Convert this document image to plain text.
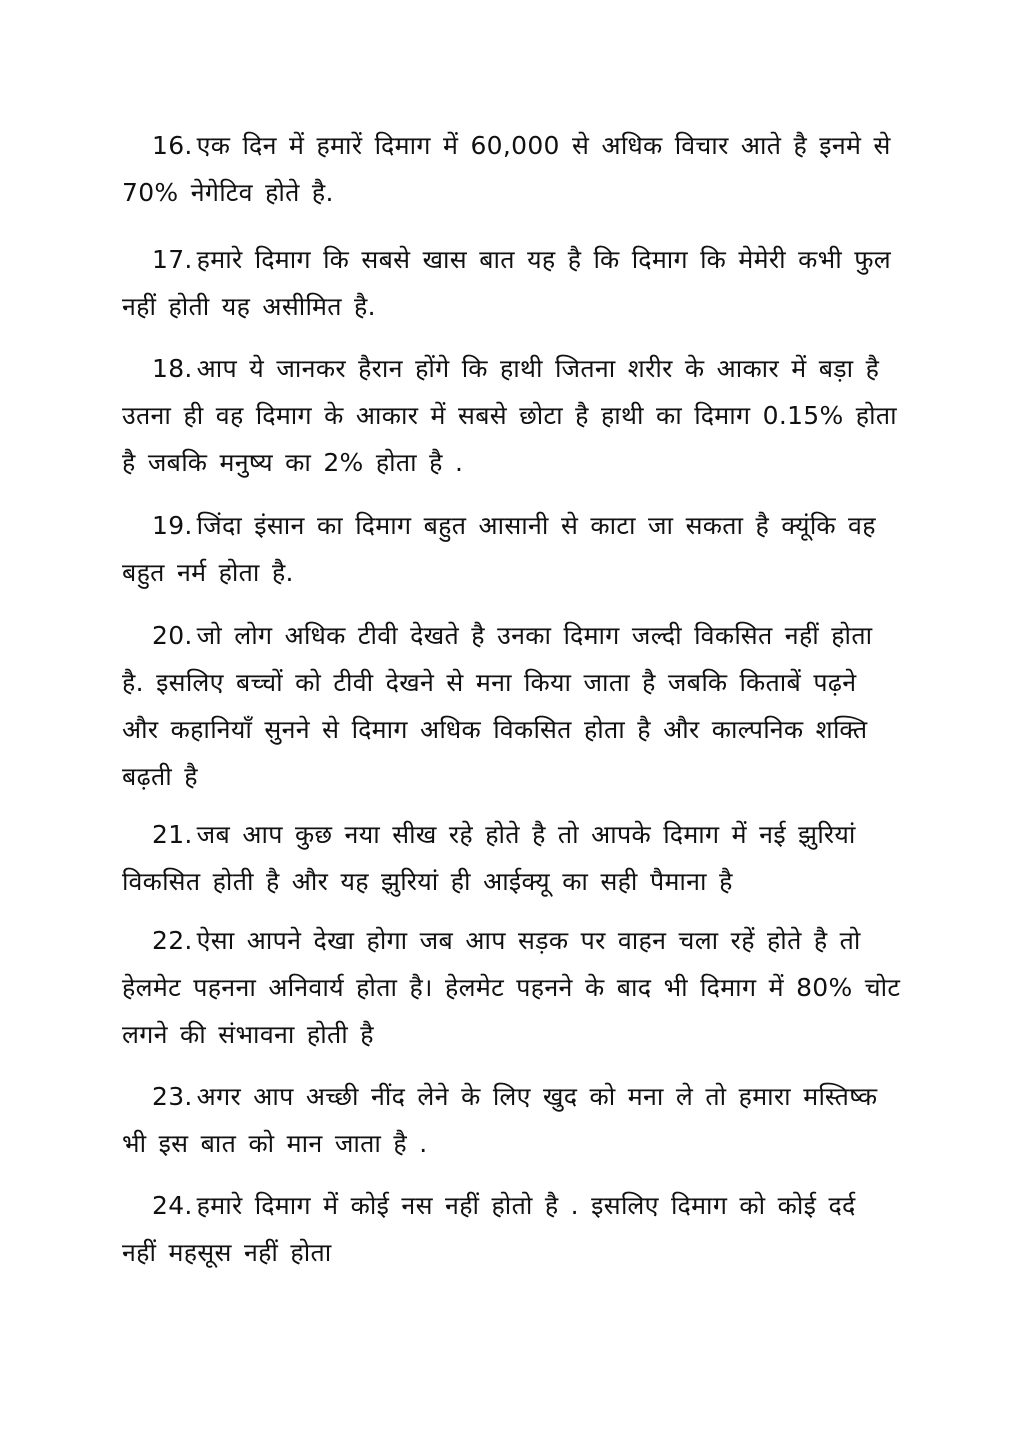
16. एक दिन में हमारें दिमाग में 60,000 से अधिक विचार आते है इनमे से 70% नेगेटिव होते है.

17. हमारे दिमाग कि सबसे खास बात यह है कि दिमाग कि मेमेरी कभी फुल नहीं होती यह असीमित है.

18. आप ये जानकर हैरान होंगे कि हाथी जितना शरीर के आकार में बड़ा है उतना ही वह दिमाग के आकार में सबसे छोटा है हाथी का दिमाग 0.15% होता है जबकि मनुष्य का 2% होता है .

19. जिंदा इंसान का दिमाग बहुत आसानी से काटा जा सकता है क्यूंकि वह बहुत नर्म होता है.

20. जो लोग अधिक टीवी देखते है उनका दिमाग जल्दी विकसित नहीं होता है. इसलिए बच्चों को टीवी देखने से मना किया जाता है जबकि किताबें पढ़ने और कहानियाँ सुनने से दिमाग अधिक विकसित होता है और काल्पनिक शक्ति बढ़ती है

21. जब आप कुछ नया सीख रहे होते है तो आपके दिमाग में नई झुरियां विकसित होती है और यह झुरियां ही आईक्यू का सही पैमाना है

22. ऐसा आपने देखा होगा जब आप सड़क पर वाहन चला रहें होते है तो हेलमेट पहनना अनिवार्य होता है। हेलमेट पहनने के बाद भी दिमाग में 80% चोट लगने की संभावना होती है

23. अगर आप अच्छी नींद लेने के लिए खुद को मना ले तो हमारा मस्तिष्क भी इस बात को मान जाता है .

24. हमारे दिमाग में कोई नस नहीं होतो है . इसलिए दिमाग को कोई दर्द नहीं महसूस नहीं होता
